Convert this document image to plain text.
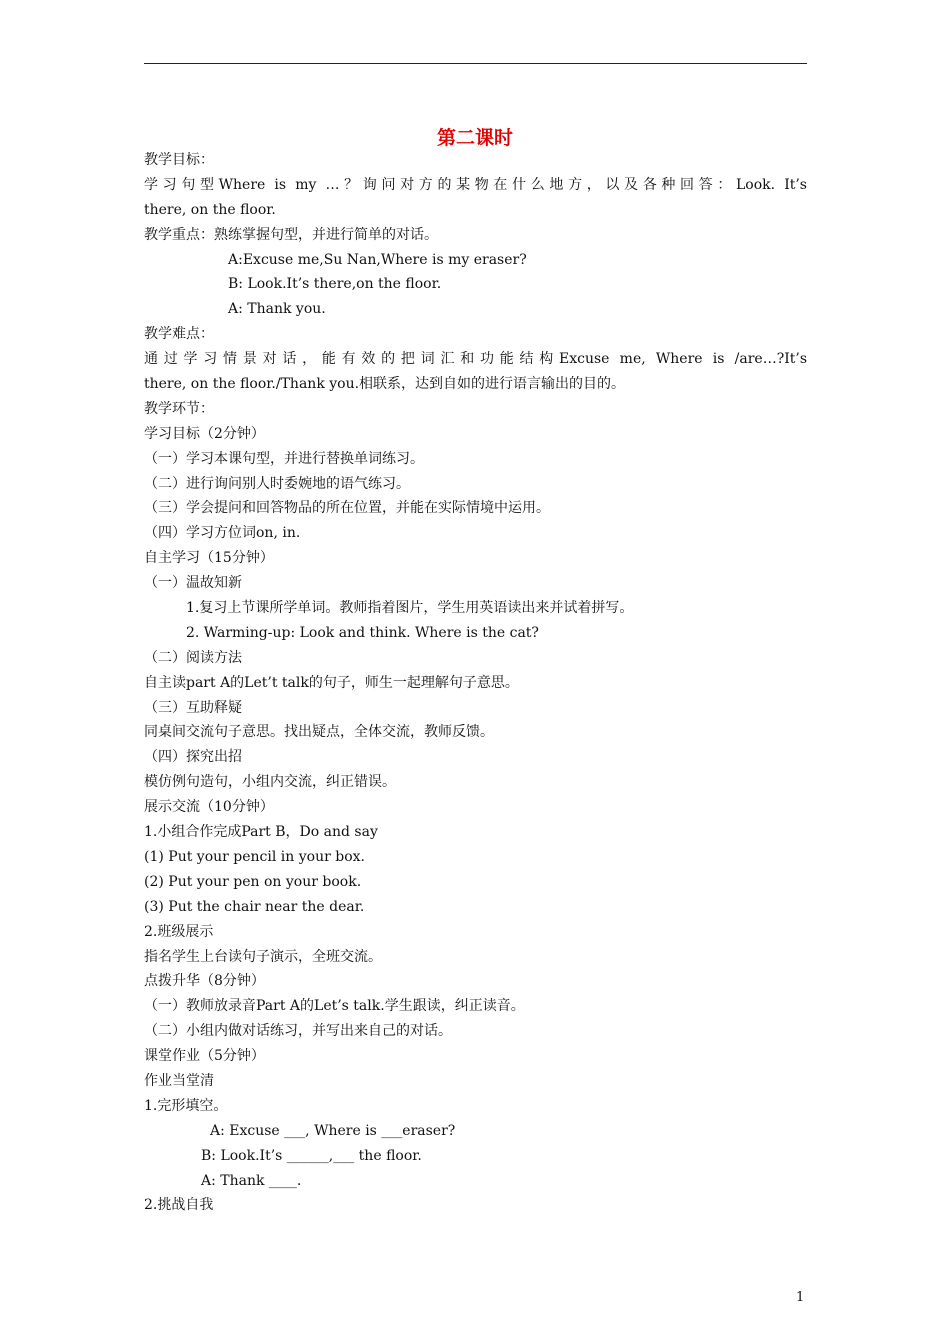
第二课时
教学目标：
学习句型Where is my …？询问对方的某物在什么地方，以及各种回答：Look. It’s
there, on the floor.
教学重点：熟练掌握句型，并进行简单的对话。
A:Excuse me,Su Nan,Where is my eraser?
B: Look.It’s there,on the floor.
A: Thank you.
教学难点：
通过学习情景对话，能有效的把词汇和功能结构Excuse me, Where is /are…?It’s
there, on the floor./Thank you.相联系，达到自如的进行语言输出的目的。
教学环节：
学习目标（2分钟）
（一）学习本课句型，并进行替换单词练习。
（二）进行询问别人时委婉地的语气练习。
（三）学会提问和回答物品的所在位置，并能在实际情境中运用。
（四）学习方位词on, in.
自主学习（15分钟）
（一）温故知新
1.复习上节课所学单词。教师指着图片，学生用英语读出来并试着拼写。
2. Warming-up: Look and think. Where is the cat?
（二）阅读方法
自主读part A的Let’t talk的句子，师生一起理解句子意思。
（三）互助释疑
同桌间交流句子意思。找出疑点，全体交流，教师反馈。
（四）探究出招
模仿例句造句，小组内交流，纠正错误。
展示交流（10分钟）
1.小组合作完成Part B，Do and say
(1) Put your pencil in your box.
(2) Put your pen on your book.
(3) Put the chair near the dear.
2.班级展示
指名学生上台读句子演示，全班交流。
点拨升华（8分钟）
（一）教师放录音Part A的Let’s talk.学生跟读，纠正读音。
（二）小组内做对话练习，并写出来自己的对话。
课堂作业（5分钟）
作业当堂清
1.完形填空。
A: Excuse ___, Where is ___eraser?
B: Look.It’s ______,___ the floor.
A: Thank ____.
2.挑战自我
1
